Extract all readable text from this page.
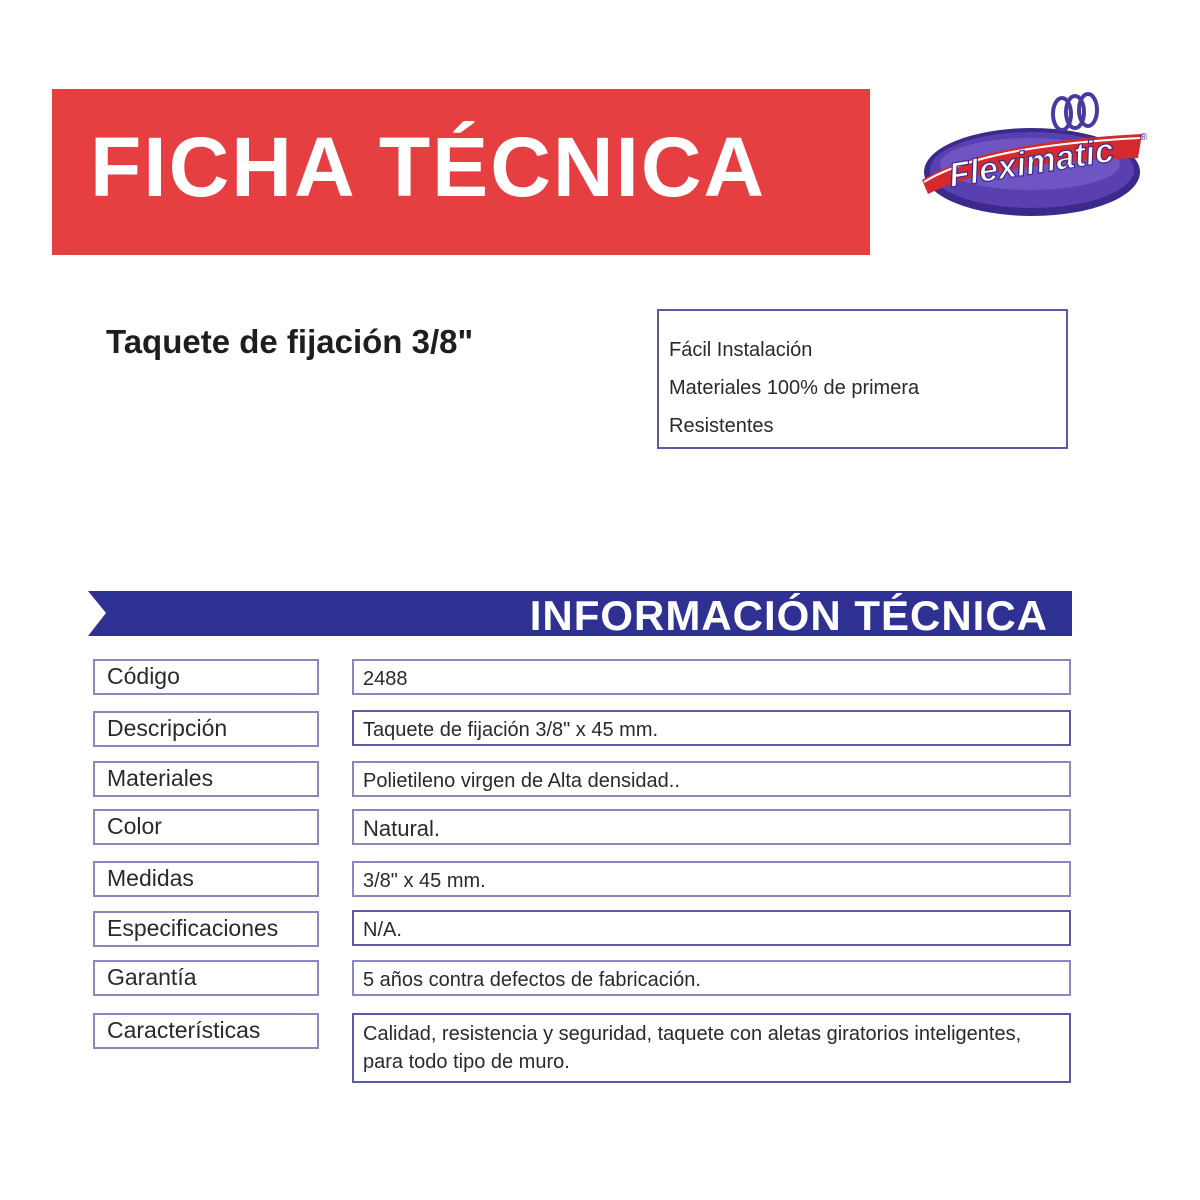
FICHA TÉCNICA	Fleximatic ®
Taquete de fijación 3/8"	Fácil Instalación
Materiales 100% de primera
Resistentes
INFORMACIÓN TÉCNICA
Código	2488
Descripción	Taquete de fijación 3/8" x 45 mm.
Materiales	Polietileno virgen de Alta densidad..
Color	Natural.
Medidas	3/8" x 45 mm.
Especificaciones	N/A.
Garantía	5 años contra defectos de fabricación.
Características	Calidad, resistencia y seguridad, taquete con aletas giratorios inteligentes, para todo tipo de muro.
